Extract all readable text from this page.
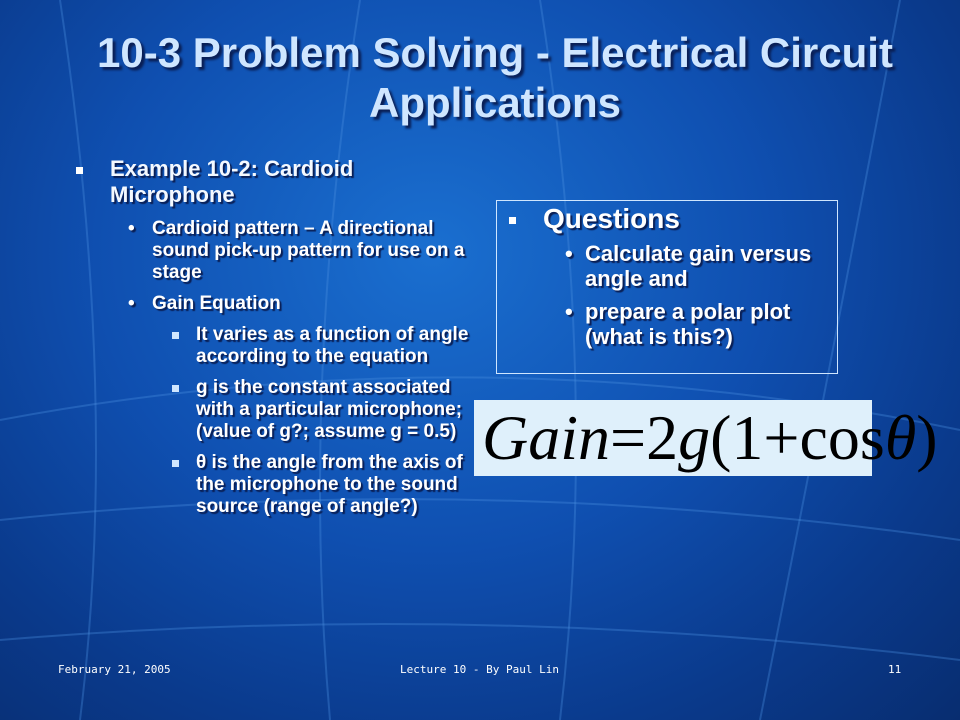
10-3 Problem Solving - Electrical Circuit Applications
Example 10-2: Cardioid Microphone
• Cardioid pattern – A directional sound pick-up pattern for use on a stage
• Gain Equation
It varies as a function of angle according to the equation
g is the constant associated with a particular microphone; (value of g?; assume g = 0.5)
θ is the angle from the axis of the microphone to the sound source (range of angle?)
Questions
• Calculate gain versus angle and
• prepare a polar plot (what is this?)
Gain=2g(1+cosθ)
February 21, 2005	Lecture 10 - By Paul Lin	11
